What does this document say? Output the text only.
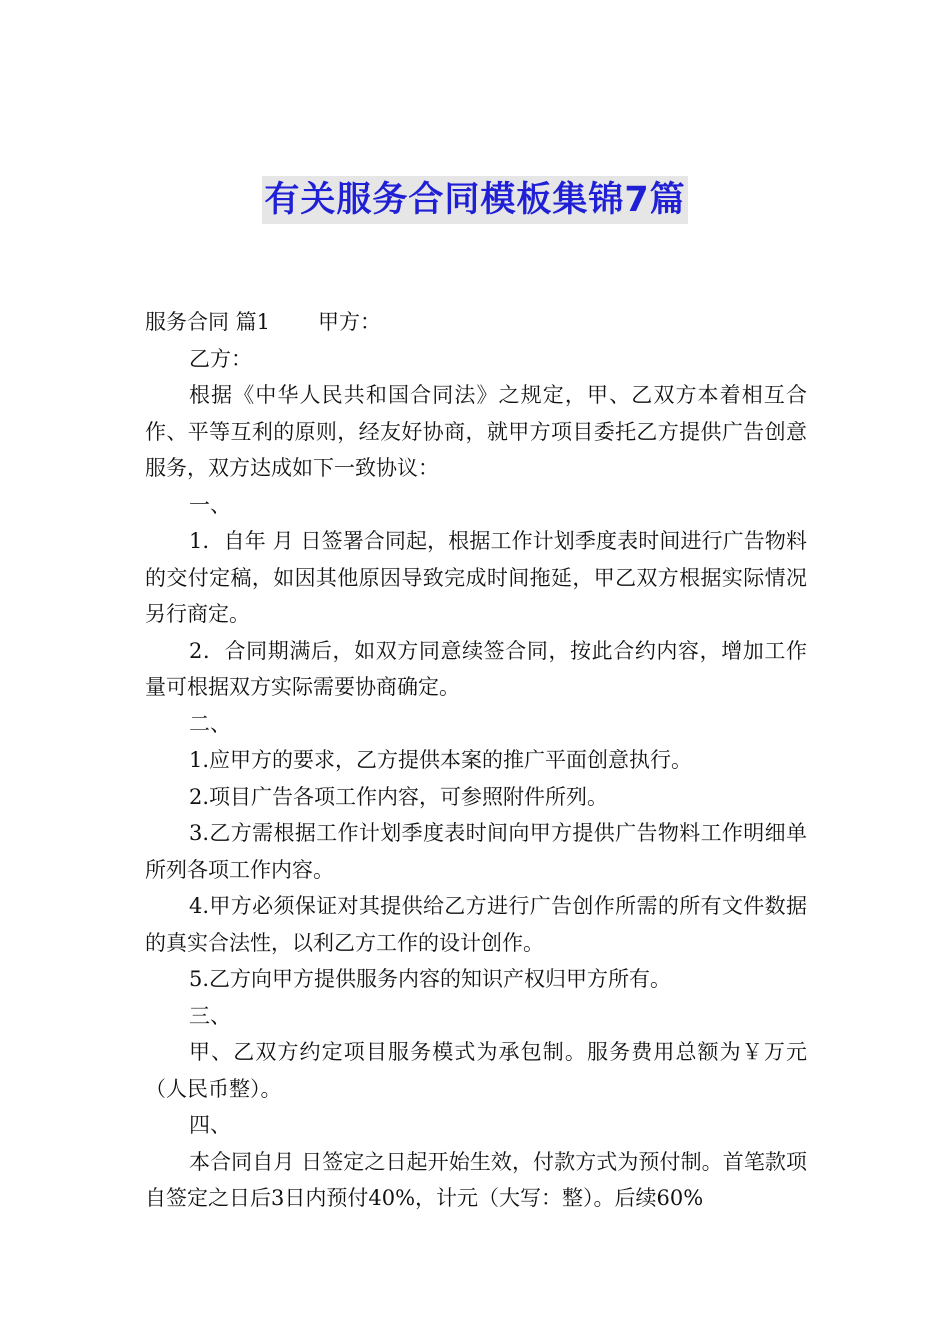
有关服务合同模板集锦7篇

服务合同 篇1 甲方：

乙方：

根据《中华人民共和国合同法》之规定，甲、乙双方本着相互合作、平等互利的原则，经友好协商，就甲方项目委托乙方提供广告创意服务，双方达成如下一致协议：

一、

1．自年 月 日签署合同起，根据工作计划季度表时间进行广告物料的交付定稿，如因其他原因导致完成时间拖延，甲乙双方根据实际情况另行商定。

2．合同期满后，如双方同意续签合同，按此合约内容，增加工作量可根据双方实际需要协商确定。

二、

1.应甲方的要求，乙方提供本案的推广平面创意执行。

2.项目广告各项工作内容，可参照附件所列。

3.乙方需根据工作计划季度表时间向甲方提供广告物料工作明细单所列各项工作内容。

4.甲方必须保证对其提供给乙方进行广告创作所需的所有文件数据的真实合法性，以利乙方工作的设计创作。

5.乙方向甲方提供服务内容的知识产权归甲方所有。

三、

甲、乙双方约定项目服务模式为承包制。服务费用总额为￥万元（人民币整）。

四、

本合同自月 日签定之日起开始生效，付款方式为预付制。首笔款项自签定之日后3日内预付40%，计元（大写：整）。后续60%
